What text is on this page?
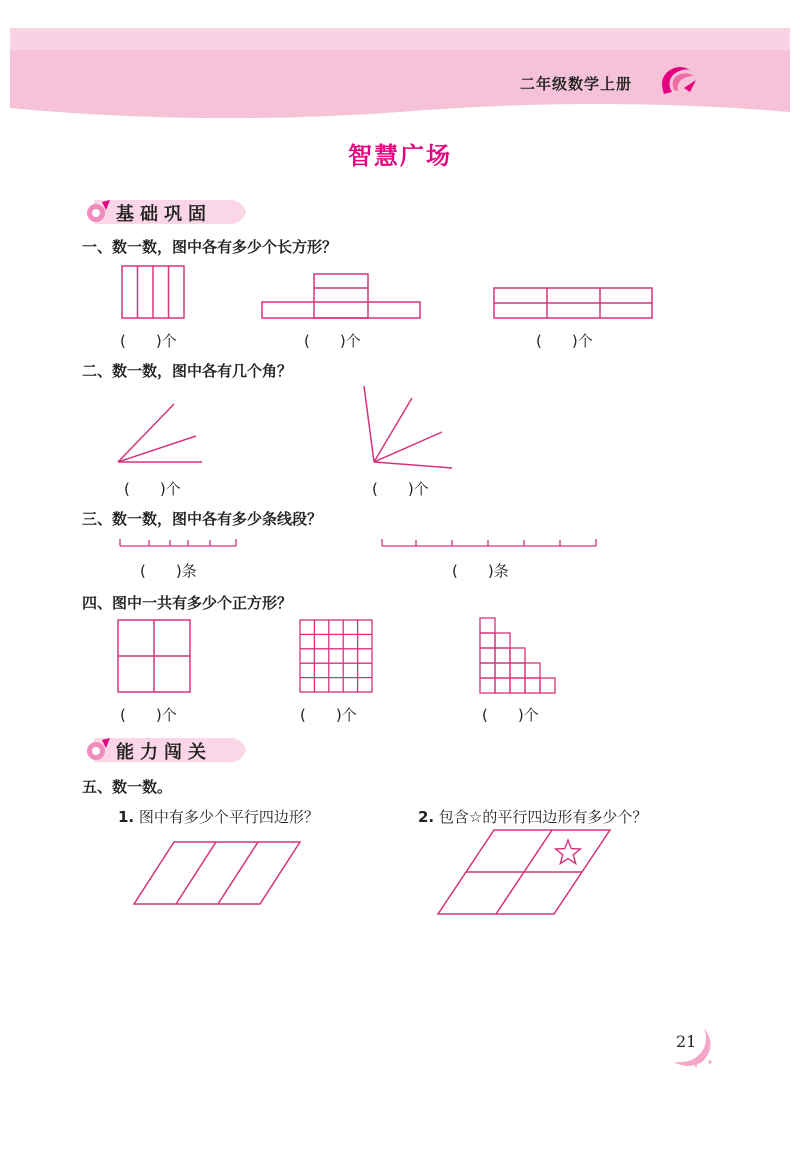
二年级数学上册
智慧广场
基础巩固
一、数一数，图中各有多少个长方形？
(　　)个	(　　)个	(　　)个
二、数一数，图中各有几个角？
(　　)个	(　　)个
三、数一数，图中各有多少条线段？
(　　)条	(　　)条
四、图中一共有多少个正方形？
(　　)个	(　　)个	(　　)个
能力闯关
五、数一数。
1. 图中有多少个平行四边形？	2. 包含☆的平行四边形有多少个？
21
